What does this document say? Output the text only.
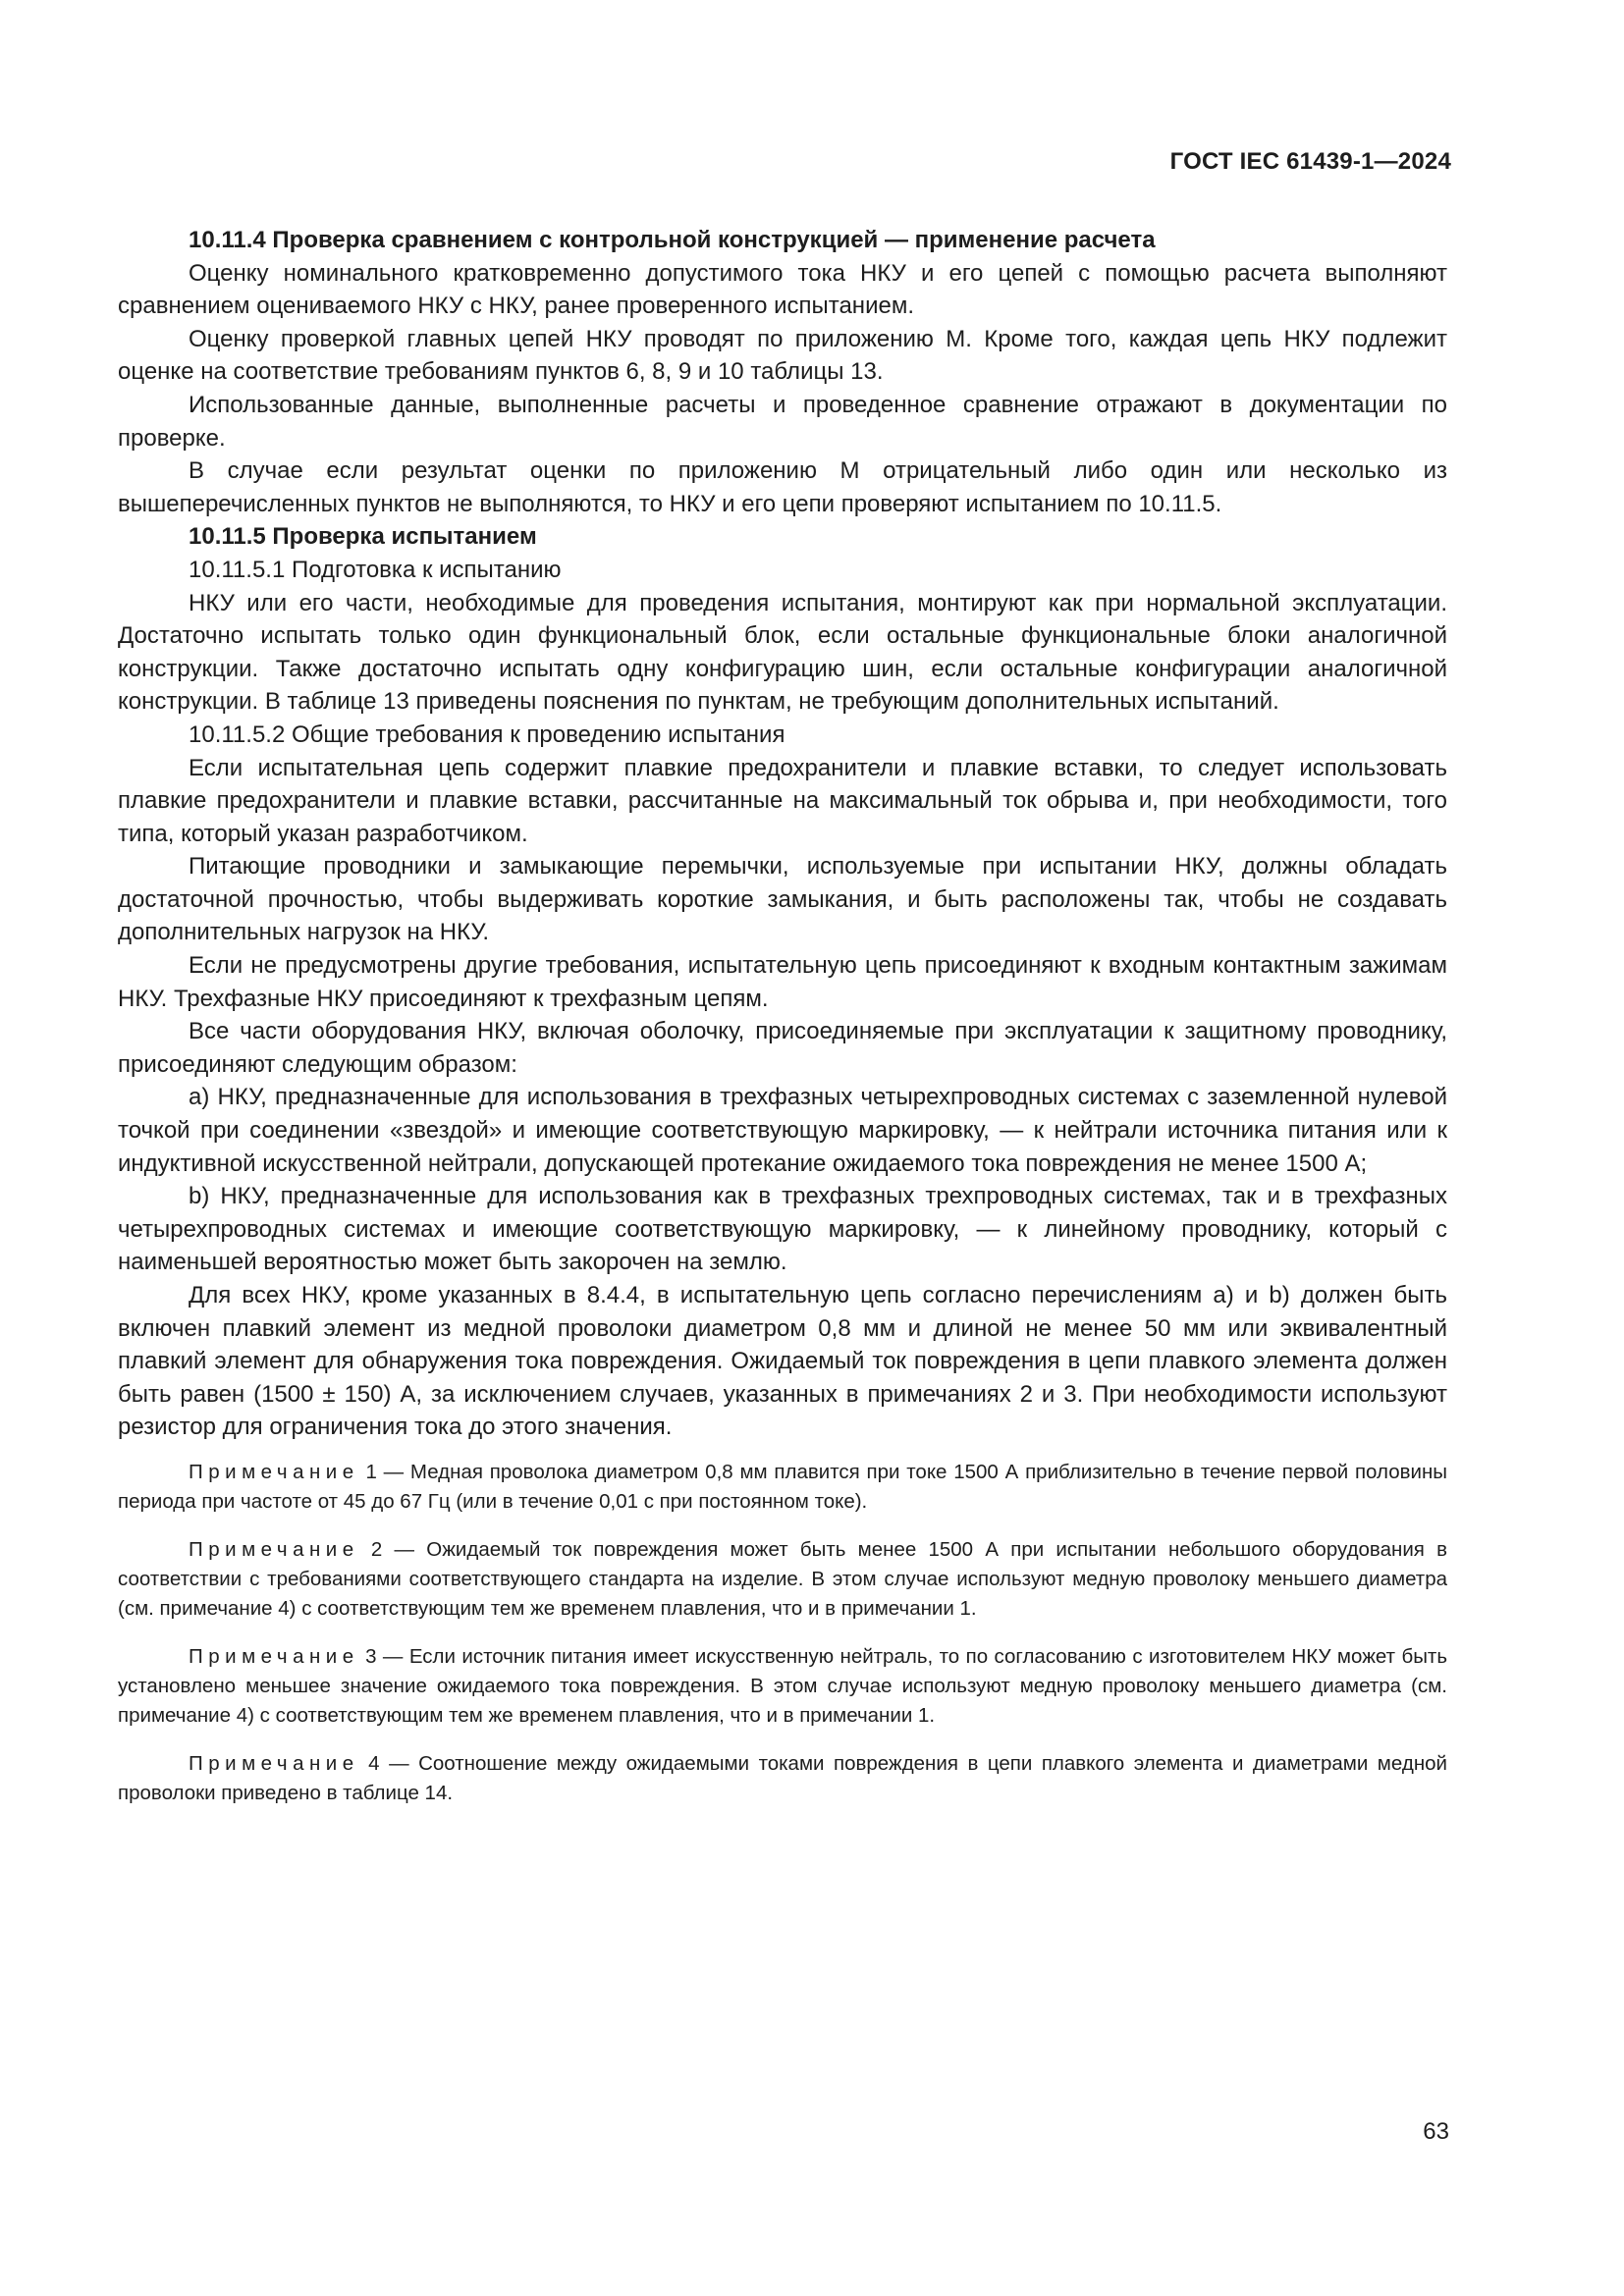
ГОСТ IEC 61439-1—2024

10.11.4 Проверка сравнением с контрольной конструкцией — применение расчета

Оценку номинального кратковременно допустимого тока НКУ и его цепей с помощью расчета выполняют сравнением оцениваемого НКУ с НКУ, ранее проверенного испытанием.

Оценку проверкой главных цепей НКУ проводят по приложению М. Кроме того, каждая цепь НКУ подлежит оценке на соответствие требованиям пунктов 6, 8, 9 и 10 таблицы 13.

Использованные данные, выполненные расчеты и проведенное сравнение отражают в документации по проверке.

В случае если результат оценки по приложению М отрицательный либо один или несколько из вышеперечисленных пунктов не выполняются, то НКУ и его цепи проверяют испытанием по 10.11.5.

10.11.5 Проверка испытанием

10.11.5.1 Подготовка к испытанию

НКУ или его части, необходимые для проведения испытания, монтируют как при нормальной эксплуатации. Достаточно испытать только один функциональный блок, если остальные функциональные блоки аналогичной конструкции. Также достаточно испытать одну конфигурацию шин, если остальные конфигурации аналогичной конструкции. В таблице 13 приведены пояснения по пунктам, не требующим дополнительных испытаний.

10.11.5.2 Общие требования к проведению испытания

Если испытательная цепь содержит плавкие предохранители и плавкие вставки, то следует использовать плавкие предохранители и плавкие вставки, рассчитанные на максимальный ток обрыва и, при необходимости, того типа, который указан разработчиком.

Питающие проводники и замыкающие перемычки, используемые при испытании НКУ, должны обладать достаточной прочностью, чтобы выдерживать короткие замыкания, и быть расположены так, чтобы не создавать дополнительных нагрузок на НКУ.

Если не предусмотрены другие требования, испытательную цепь присоединяют к входным контактным зажимам НКУ. Трехфазные НКУ присоединяют к трехфазным цепям.

Все части оборудования НКУ, включая оболочку, присоединяемые при эксплуатации к защитному проводнику, присоединяют следующим образом:

a) НКУ, предназначенные для использования в трехфазных четырехпроводных системах с заземленной нулевой точкой при соединении «звездой» и имеющие соответствующую маркировку, — к нейтрали источника питания или к индуктивной искусственной нейтрали, допускающей протекание ожидаемого тока повреждения не менее 1500 А;

b) НКУ, предназначенные для использования как в трехфазных трехпроводных системах, так и в трехфазных четырехпроводных системах и имеющие соответствующую маркировку, — к линейному проводнику, который с наименьшей вероятностью может быть закорочен на землю.

Для всех НКУ, кроме указанных в 8.4.4, в испытательную цепь согласно перечислениям a) и b) должен быть включен плавкий элемент из медной проволоки диаметром 0,8 мм и длиной не менее 50 мм или эквивалентный плавкий элемент для обнаружения тока повреждения. Ожидаемый ток повреждения в цепи плавкого элемента должен быть равен (1500 ± 150) А, за исключением случаев, указанных в примечаниях 2 и 3. При необходимости используют резистор для ограничения тока до этого значения.

Примечание 1 — Медная проволока диаметром 0,8 мм плавится при токе 1500 А приблизительно в течение первой половины периода при частоте от 45 до 67 Гц (или в течение 0,01 с при постоянном токе).
Примечание 2 — Ожидаемый ток повреждения может быть менее 1500 А при испытании небольшого оборудования в соответствии с требованиями соответствующего стандарта на изделие. В этом случае используют медную проволоку меньшего диаметра (см. примечание 4) с соответствующим тем же временем плавления, что и в примечании 1.
Примечание 3 — Если источник питания имеет искусственную нейтраль, то по согласованию с изготовителем НКУ может быть установлено меньшее значение ожидаемого тока повреждения. В этом случае используют медную проволоку меньшего диаметра (см. примечание 4) с соответствующим тем же временем плавления, что и в примечании 1.
Примечание 4 — Соотношение между ожидаемыми токами повреждения в цепи плавкого элемента и диаметрами медной проволоки приведено в таблице 14.
63
